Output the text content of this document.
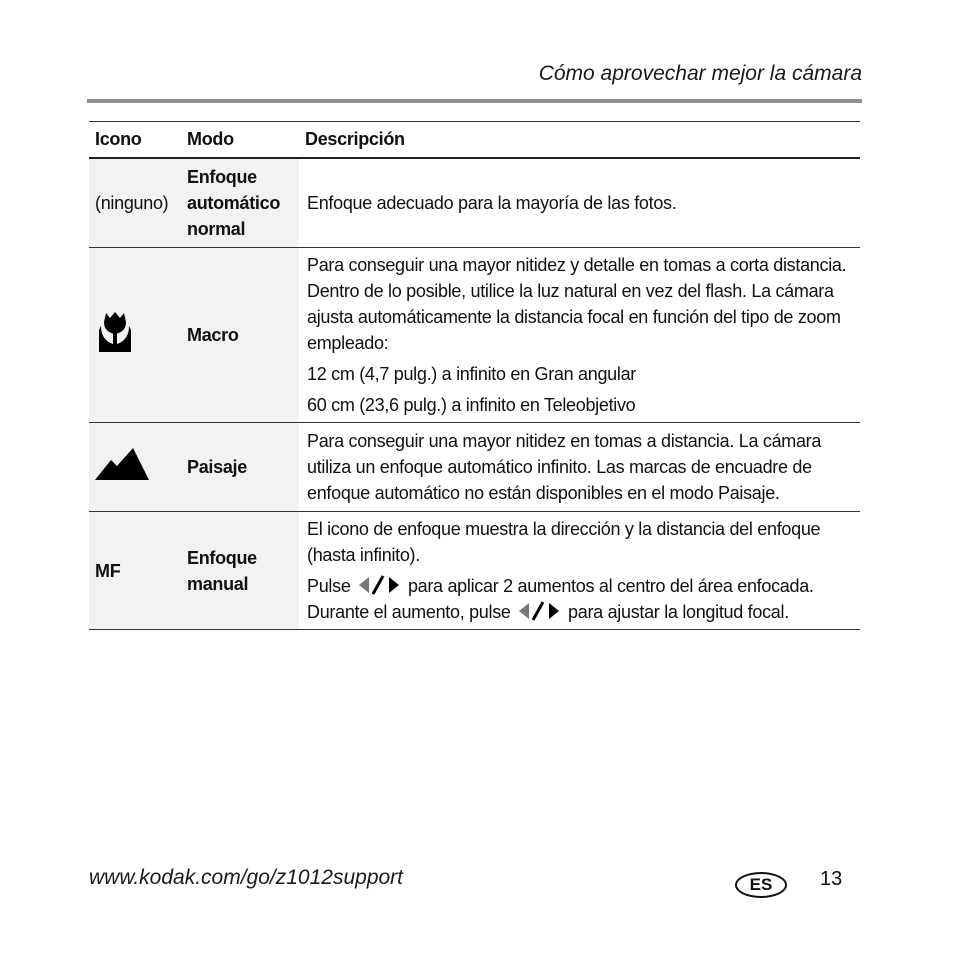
Cómo aprovechar mejor la cámara
Icono	Modo	Descripción
(ninguno)	Enfoque automático normal	Enfoque adecuado para la mayoría de las fotos.

	Macro	Para conseguir una mayor nitidez y detalle en tomas a corta distancia. Dentro de lo posible, utilice la luz natural en vez del flash. La cámara ajusta automáticamente la distancia focal en función del tipo de zoom empleado:

12 cm (4,7 pulg.) a infinito en Gran angular

60 cm (23,6 pulg.) a infinito en Teleobjetivo

	Paisaje	Para conseguir una mayor nitidez en tomas a distancia. La cámara utiliza un enfoque automático infinito. Las marcas de encuadre de enfoque automático no están disponibles en el modo Paisaje.

MF	Enfoque manual	El icono de enfoque muestra la dirección y la distancia del enfoque (hasta infinito).

Pulse para aplicar 2 aumentos al centro del área enfocada.
Durante el aumento, pulse para ajustar la longitud focal.

www.kodak.com/go/z1012support	ES	13
